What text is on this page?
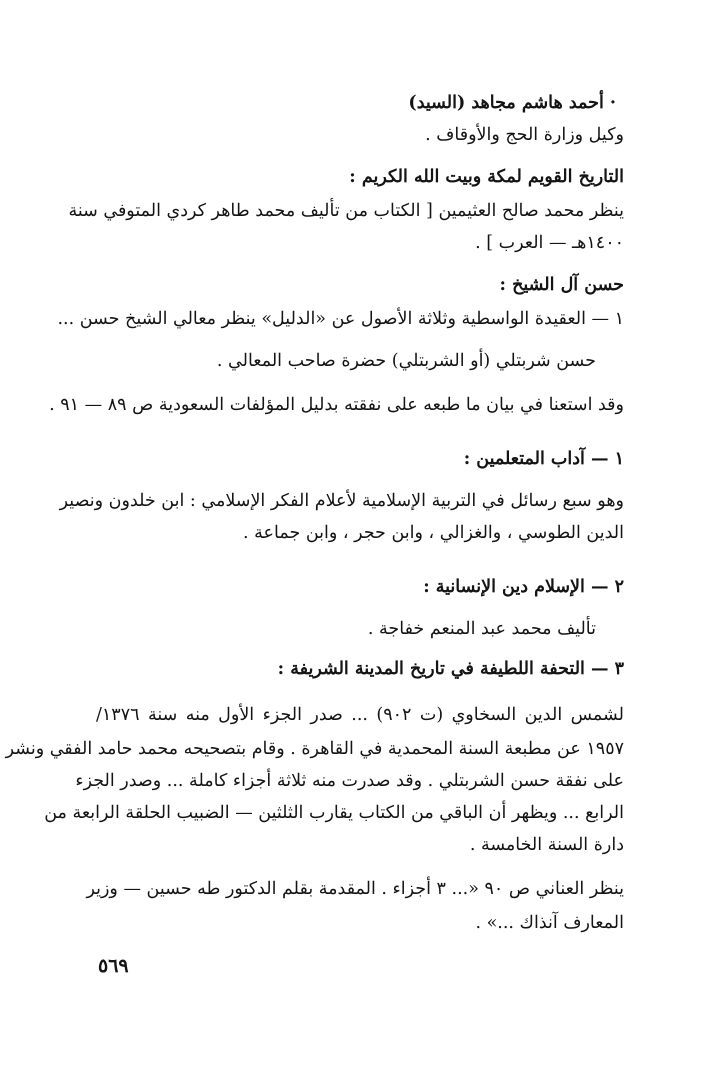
· أحمد هاشم مجاهد (السيد)
وكيل وزارة الحج والأوقاف .
التاريخ القويم لمكة وبيت الله الكريم :
ينظر محمد صالح العثيمين [ الكتاب من تأليف محمد طاهر كردي المتوفي سنة
١٤٠٠هـ — العرب ] .
حسن آل الشيخ :
١ — العقيدة الواسطية وثلاثة الأصول عن «الدليل» ينظر معالي الشيخ حسن ...
حسن شربتلي (أو الشربتلي) حضرة صاحب المعالي .
وقد استعنا في بيان ما طبعه على نفقته بدليل المؤلفات السعودية ص ٨٩ — ٩١ .
١ — آداب المتعلمين :
وهو سبع رسائل في التربية الإسلامية لأعلام الفكر الإسلامي : ابن خلدون ونصير
الدين الطوسي ، والغزالي ، وابن حجر ، وابن جماعة .
٢ — الإسلام دين الإنسانية :
تأليف محمد عبد المنعم خفاجة .
٣ — التحفة اللطيفة في تاريخ المدينة الشريفة :
لشمس الدين السخاوي (ت ٩٠٢) ... صدر الجزء الأول منه سنة ١٣٧٦/
١٩٥٧ عن مطبعة السنة المحمدية في القاهرة . وقام بتصحيحه محمد حامد الفقي ونشر
على نفقة حسن الشربتلي . وقد صدرت منه ثلاثة أجزاء كاملة ... وصدر الجزء
الرابع ... ويظهر أن الباقي من الكتاب يقارب الثلثين — الضبيب الحلقة الرابعة من
دارة السنة الخامسة .
ينظر العناني ص ٩٠ «... ٣ أجزاء . المقدمة بقلم الدكتور طه حسين — وزير
المعارف آنذاك ...» .
٥٦٩
